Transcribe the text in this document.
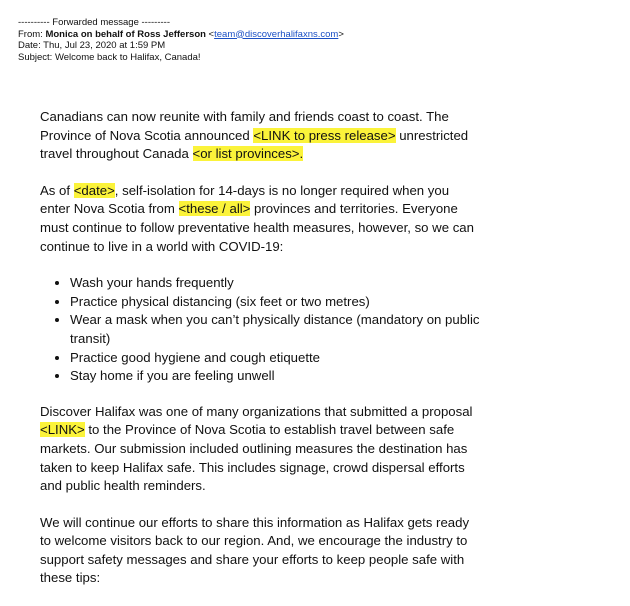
---------- Forwarded message ---------
From: Monica on behalf of Ross Jefferson <team@discoverhalifaxns.com>
Date: Thu, Jul 23, 2020 at 1:59 PM
Subject: Welcome back to Halifax, Canada!

Canadians can now reunite with family and friends coast to coast. The Province of Nova Scotia announced <LINK to press release> unrestricted travel throughout Canada <or list provinces>.

As of <date>, self-isolation for 14-days is no longer required when you enter Nova Scotia from <these / all> provinces and territories. Everyone must continue to follow preventative health measures, however, so we can continue to live in a world with COVID-19:

• Wash your hands frequently
• Practice physical distancing (six feet or two metres)
• Wear a mask when you can’t physically distance (mandatory on public transit)
• Practice good hygiene and cough etiquette
• Stay home if you are feeling unwell

Discover Halifax was one of many organizations that submitted a proposal <LINK> to the Province of Nova Scotia to establish travel between safe markets. Our submission included outlining measures the destination has taken to keep Halifax safe. This includes signage, crowd dispersal efforts and public health reminders.

We will continue our efforts to share this information as Halifax gets ready to welcome visitors back to our region. And, we encourage the industry to support safety messages and share your efforts to keep people safe with these tips:
